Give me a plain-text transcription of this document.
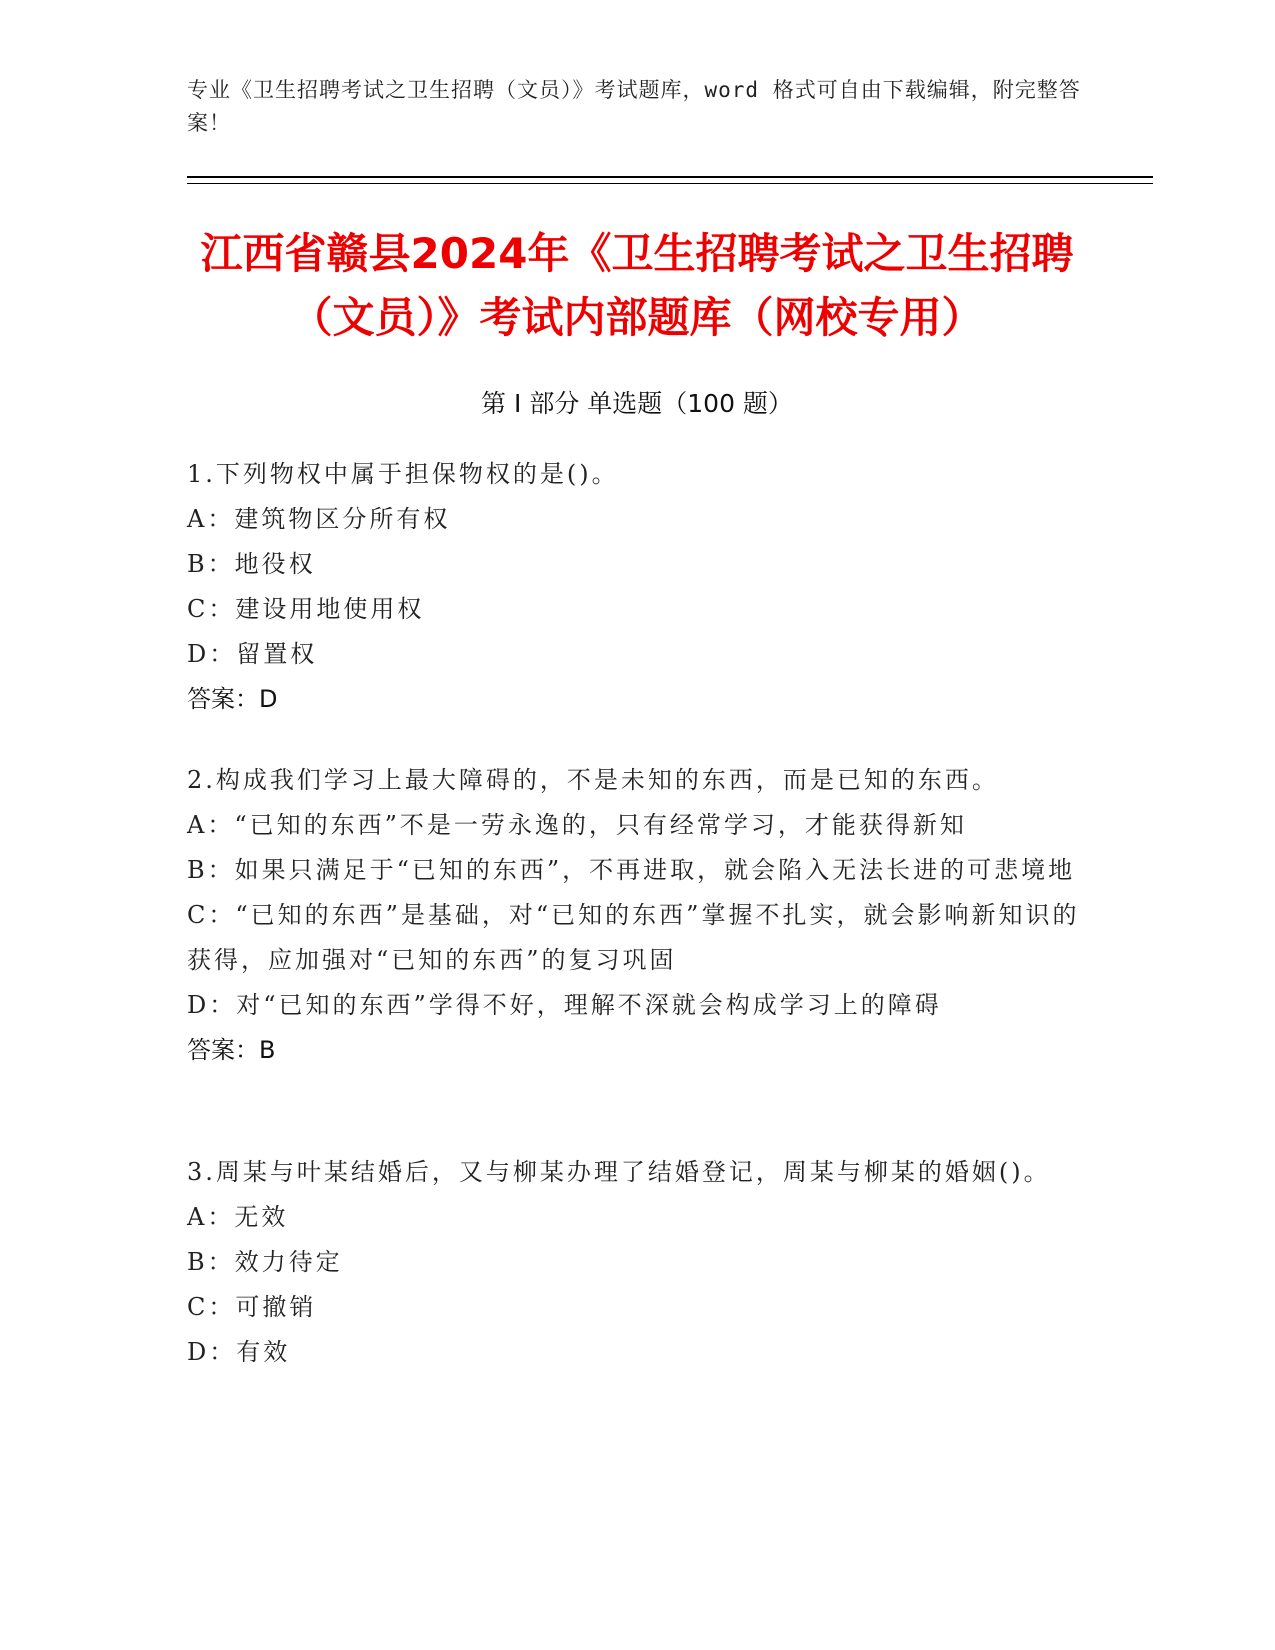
专业《卫生招聘考试之卫生招聘（文员）》考试题库，word 格式可自由下载编辑，附完整答案！
江西省赣县2024年《卫生招聘考试之卫生招聘（文员）》考试内部题库（网校专用）
第 I 部分 单选题（100 题）

1.下列物权中属于担保物权的是()。

A：建筑物区分所有权

B：地役权

C：建设用地使用权

D：留置权

答案：D

2.构成我们学习上最大障碍的，不是未知的东西，而是已知的东西。

A：“已知的东西”不是一劳永逸的，只有经常学习，才能获得新知

B：如果只满足于“已知的东西”，不再进取，就会陷入无法长进的可悲境地

C：“已知的东西”是基础，对“已知的东西”掌握不扎实，就会影响新知识的获得，应加强对“已知的东西”的复习巩固

D：对“已知的东西”学得不好，理解不深就会构成学习上的障碍

答案：B

3.周某与叶某结婚后，又与柳某办理了结婚登记，周某与柳某的婚姻()。

A：无效

B：效力待定

C：可撤销

D：有效
